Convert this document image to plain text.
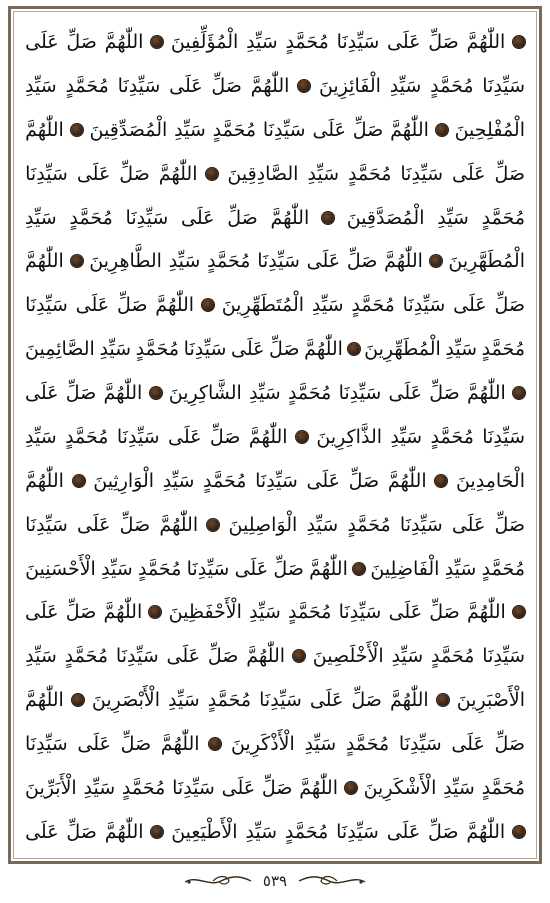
اللّٰهُمَّ
صَلِّ
عَلَى
سَيِّدِنَا
مُحَمَّدٍ
سَيِّدِ
الْمُؤَلِّفِينَ
اللّٰهُمَّ
صَلِّ
عَلَى
سَيِّدِنَا
مُحَمَّدٍ
سَيِّدِ
الْفَائِزِينَ
اللّٰهُمَّ
صَلِّ
عَلَى
سَيِّدِنَا
مُحَمَّدٍ
سَيِّدِ
الْمُفْلِحِينَ
اللّٰهُمَّ
صَلِّ
عَلَى
سَيِّدِنَا
مُحَمَّدٍ
سَيِّدِ
الْمُصَدِّقِينَ
اللّٰهُمَّ
صَلِّ
عَلَى
سَيِّدِنَا
مُحَمَّدٍ
سَيِّدِ
الصَّادِقِينَ
اللّٰهُمَّ
صَلِّ
عَلَى
سَيِّدِنَا
مُحَمَّدٍ
سَيِّدِ
الْمُصَدَّقِينَ
اللّٰهُمَّ
صَلِّ
عَلَى
سَيِّدِنَا
مُحَمَّدٍ
سَيِّدِ
الْمُطَهَّرِينَ
اللّٰهُمَّ
صَلِّ
عَلَى
سَيِّدِنَا
مُحَمَّدٍ
سَيِّدِ
الطَّاهِرِينَ
اللّٰهُمَّ
صَلِّ
عَلَى
سَيِّدِنَا
مُحَمَّدٍ
سَيِّدِ
الْمُتَطَهِّرِينَ
اللّٰهُمَّ
صَلِّ
عَلَى
سَيِّدِنَا
مُحَمَّدٍ
سَيِّدِ
الْمُطَهِّرِينَ
اللّٰهُمَّ
صَلِّ
عَلَى
سَيِّدِنَا
مُحَمَّدٍ
سَيِّدِ
الصَّائِمِينَ
اللّٰهُمَّ
صَلِّ
عَلَى
سَيِّدِنَا
مُحَمَّدٍ
سَيِّدِ
الشَّاكِرِينَ
اللّٰهُمَّ
صَلِّ
عَلَى
سَيِّدِنَا
مُحَمَّدٍ
سَيِّدِ
الذَّاكِرِينَ
اللّٰهُمَّ
صَلِّ
عَلَى
سَيِّدِنَا
مُحَمَّدٍ
سَيِّدِ
الْحَامِدِينَ
اللّٰهُمَّ
صَلِّ
عَلَى
سَيِّدِنَا
مُحَمَّدٍ
سَيِّدِ
الْوَارِثِينَ
اللّٰهُمَّ
صَلِّ
عَلَى
سَيِّدِنَا
مُحَمَّدٍ
سَيِّدِ
الْوَاصِلِينَ
اللّٰهُمَّ
صَلِّ
عَلَى
سَيِّدِنَا
مُحَمَّدٍ
سَيِّدِ
الْفَاضِلِينَ
اللّٰهُمَّ
صَلِّ
عَلَى
سَيِّدِنَا
مُحَمَّدٍ
سَيِّدِ
الْأَحْسَنِينَ
اللّٰهُمَّ
صَلِّ
عَلَى
سَيِّدِنَا
مُحَمَّدٍ
سَيِّدِ
الْأَحْفَظِينَ
اللّٰهُمَّ
صَلِّ
عَلَى
سَيِّدِنَا
مُحَمَّدٍ
سَيِّدِ
الْأَخْلَصِينَ
اللّٰهُمَّ
صَلِّ
عَلَى
سَيِّدِنَا
مُحَمَّدٍ
سَيِّدِ
الْأَصْبَرِينَ
اللّٰهُمَّ
صَلِّ
عَلَى
سَيِّدِنَا
مُحَمَّدٍ
سَيِّدِ
الْأَبْصَرِينَ
اللّٰهُمَّ
صَلِّ
عَلَى
سَيِّدِنَا
مُحَمَّدٍ
سَيِّدِ
الْأَذْكَرِينَ
اللّٰهُمَّ
صَلِّ
عَلَى
سَيِّدِنَا
مُحَمَّدٍ
سَيِّدِ
الْأَشْكَرِينَ
اللّٰهُمَّ
صَلِّ
عَلَى
سَيِّدِنَا
مُحَمَّدٍ
سَيِّدِ
الْأَبَرِّينَ
اللّٰهُمَّ
صَلِّ
عَلَى
سَيِّدِنَا
مُحَمَّدٍ
سَيِّدِ
الْأَطْيَعِينَ
اللّٰهُمَّ
صَلِّ
عَلَى
٥٣٩
